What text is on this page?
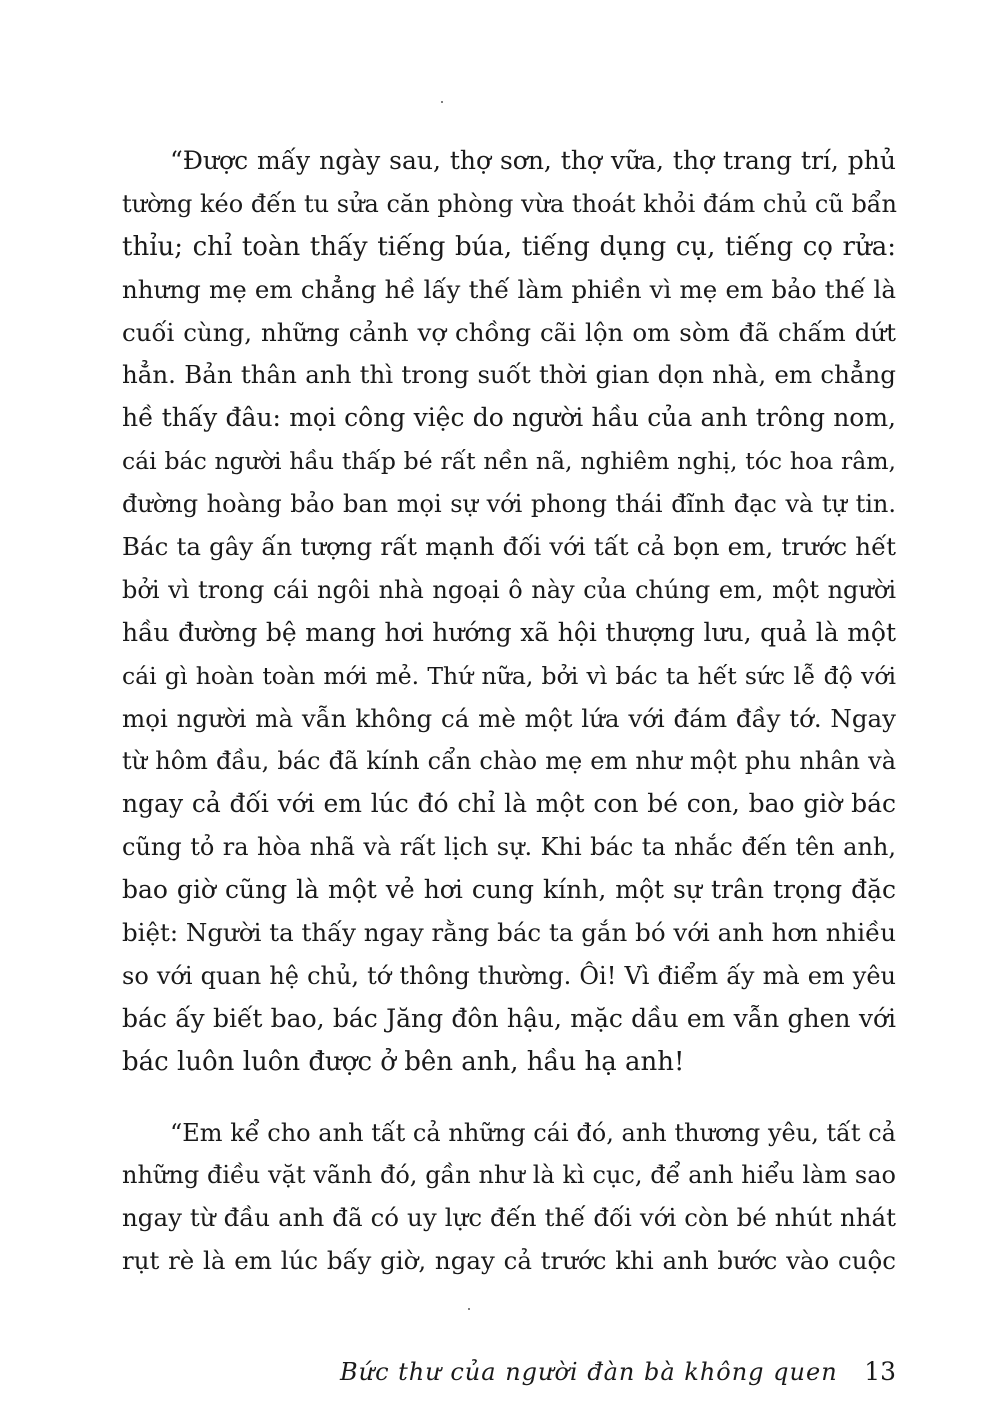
“Được mấy ngày sau, thợ sơn, thợ vữa, thợ trang trí, phủ
tường kéo đến tu sửa căn phòng vừa thoát khỏi đám chủ cũ bẩn
thỉu; chỉ toàn thấy tiếng búa, tiếng dụng cụ, tiếng cọ rửa:
nhưng mẹ em chẳng hề lấy thế làm phiền vì mẹ em bảo thế là
cuối cùng, những cảnh vợ chồng cãi lộn om sòm đã chấm dứt
hẳn. Bản thân anh thì trong suốt thời gian dọn nhà, em chẳng
hề thấy đâu: mọi công việc do người hầu của anh trông nom,
cái bác người hầu thấp bé rất nền nã, nghiêm nghị, tóc hoa râm,
đường hoàng bảo ban mọi sự với phong thái đĩnh đạc và tự tin.
Bác ta gây ấn tượng rất mạnh đối với tất cả bọn em, trước hết
bởi vì trong cái ngôi nhà ngoại ô này của chúng em, một người
hầu đường bệ mang hơi hướng xã hội thượng lưu, quả là một
cái gì hoàn toàn mới mẻ. Thứ nữa, bởi vì bác ta hết sức lễ độ với
mọi người mà vẫn không cá mè một lứa với đám đầy tớ. Ngay
từ hôm đầu, bác đã kính cẩn chào mẹ em như một phu nhân và
ngay cả đối với em lúc đó chỉ là một con bé con, bao giờ bác
cũng tỏ ra hòa nhã và rất lịch sự. Khi bác ta nhắc đến tên anh,
bao giờ cũng là một vẻ hơi cung kính, một sự trân trọng đặc
biệt: Người ta thấy ngay rằng bác ta gắn bó với anh hơn nhiều
so với quan hệ chủ, tớ thông thường. Ôi! Vì điểm ấy mà em yêu
bác ấy biết bao, bác Jăng đôn hậu, mặc dầu em vẫn ghen với
bác luôn luôn được ở bên anh, hầu hạ anh!
“Em kể cho anh tất cả những cái đó, anh thương yêu, tất cả
những điều vặt vãnh đó, gần như là kì cục, để anh hiểu làm sao
ngay từ đầu anh đã có uy lực đến thế đối với còn bé nhút nhát
rụt rè là em lúc bấy giờ, ngay cả trước khi anh bước vào cuộc
Bức thư của người đàn bà không quen 13
